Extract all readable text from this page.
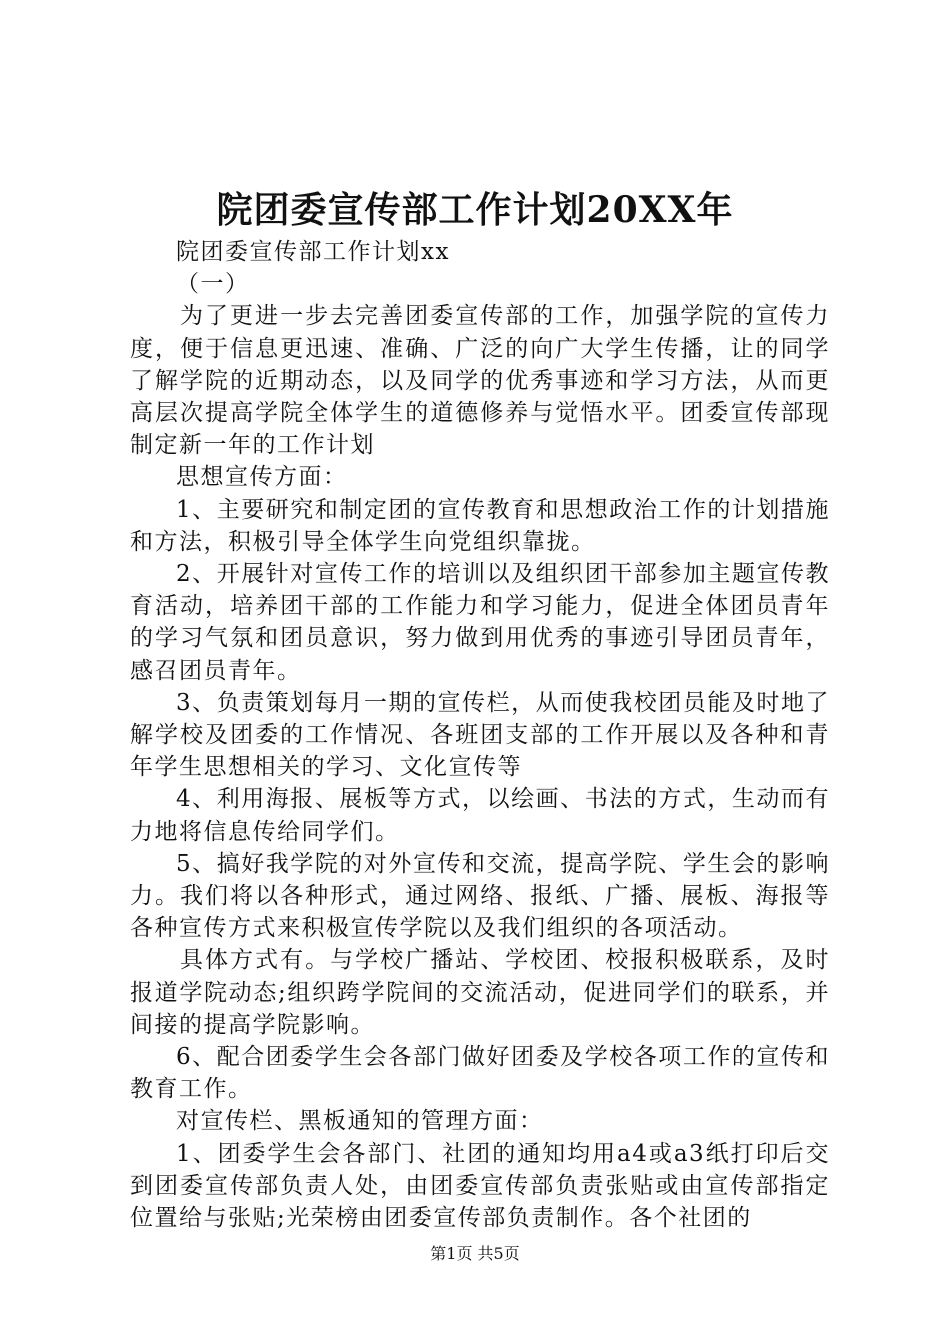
院团委宣传部工作计划20XX年

院团委宣传部工作计划xx

（一）

为了更进一步去完善团委宣传部的工作，加强学院的宣传力度，便于信息更迅速、准确、广泛的向广大学生传播，让的同学了解学院的近期动态，以及同学的优秀事迹和学习方法，从而更高层次提高学院全体学生的道德修养与觉悟水平。团委宣传部现制定新一年的工作计划

思想宣传方面：

1、主要研究和制定团的宣传教育和思想政治工作的计划措施和方法，积极引导全体学生向党组织靠拢。

2、开展针对宣传工作的培训以及组织团干部参加主题宣传教育活动，培养团干部的工作能力和学习能力，促进全体团员青年的学习气氛和团员意识，努力做到用优秀的事迹引导团员青年，感召团员青年。

3、负责策划每月一期的宣传栏，从而使我校团员能及时地了解学校及团委的工作情况、各班团支部的工作开展以及各种和青年学生思想相关的学习、文化宣传等

4、利用海报、展板等方式，以绘画、书法的方式，生动而有力地将信息传给同学们。

5、搞好我学院的对外宣传和交流，提高学院、学生会的影响力。我们将以各种形式，通过网络、报纸、广播、展板、海报等各种宣传方式来积极宣传学院以及我们组织的各项活动。

具体方式有。与学校广播站、学校团、校报积极联系，及时报道学院动态;组织跨学院间的交流活动，促进同学们的联系，并间接的提高学院影响。

6、配合团委学生会各部门做好团委及学校各项工作的宣传和教育工作。

对宣传栏、黑板通知的管理方面：

1、团委学生会各部门、社团的通知均用a4或a3纸打印后交到团委宣传部负责人处，由团委宣传部负责张贴或由宣传部指定位置给与张贴;光荣榜由团委宣传部负责制作。各个社团的

第1页 共5页
